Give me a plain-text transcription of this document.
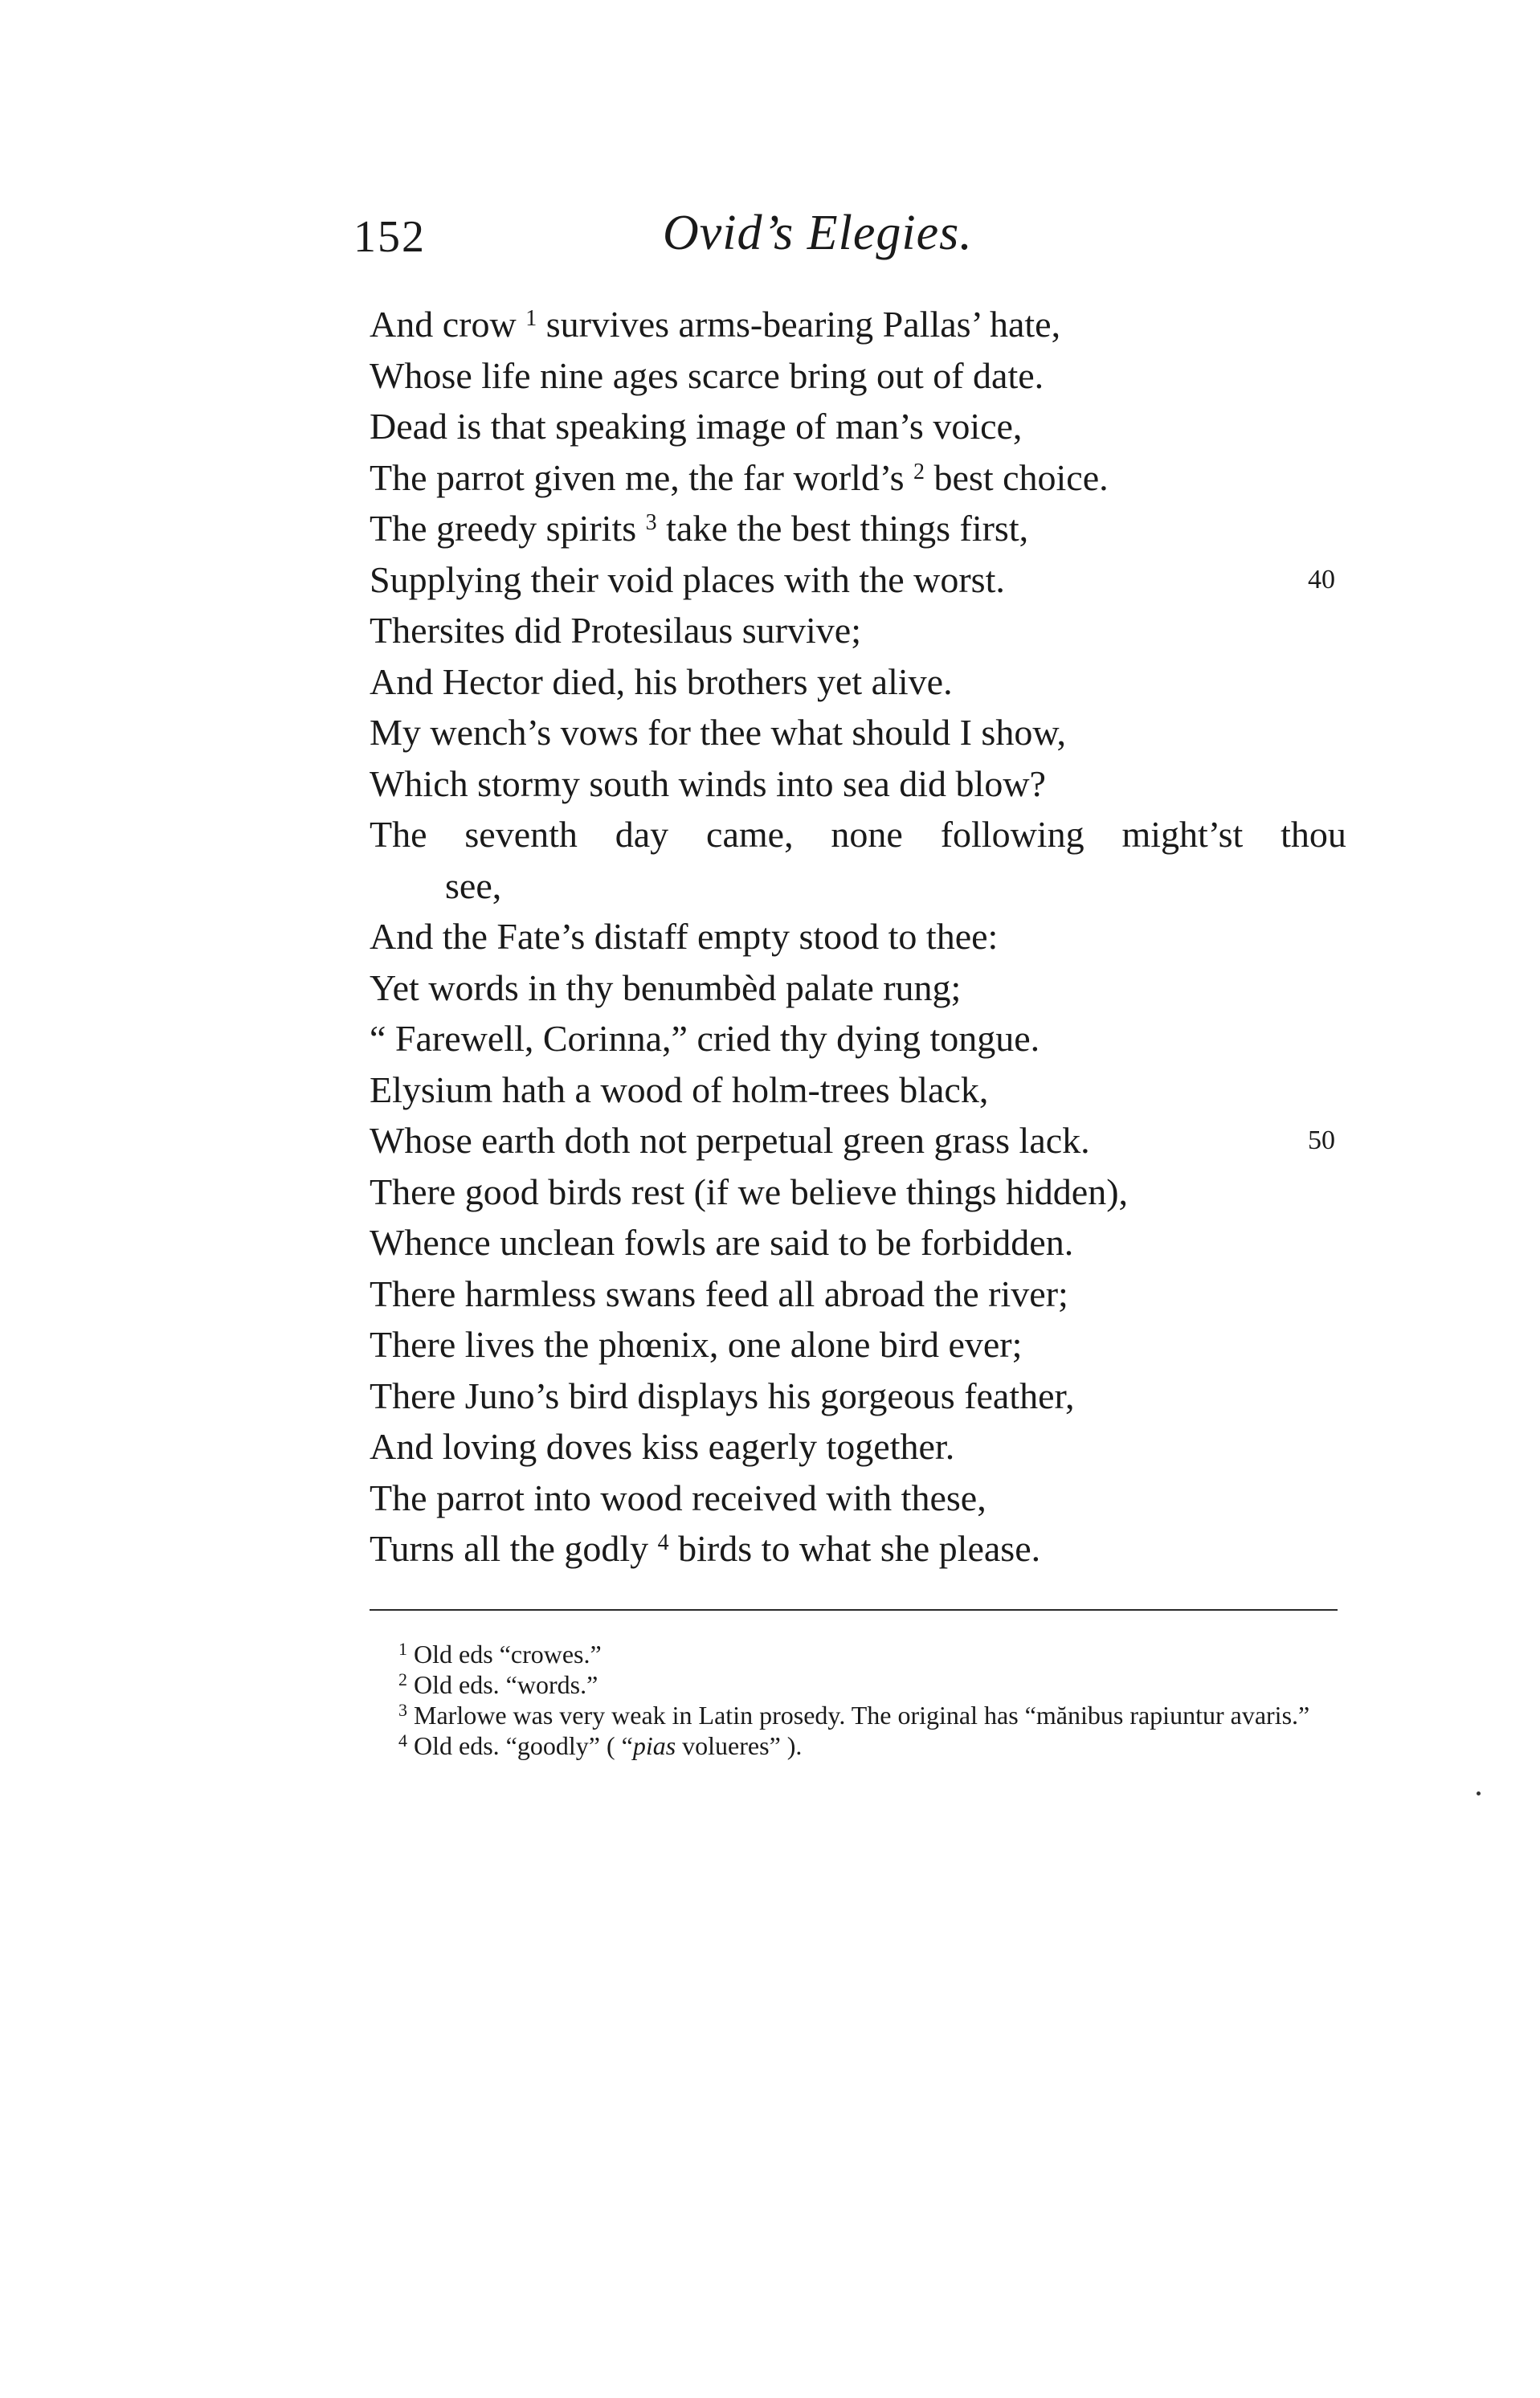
152	Ovid’s Elegies.
And crow $^1$ survives arms-bearing Pallas’ hate,
Whose life nine ages scarce bring out of date.
Dead is that speaking image of man’s voice,
The parrot given me, the far world’s $^2$ best choice.
The greedy spirits $^3$ take the best things first,
Supplying their void places with the worst.	40
Thersites did Protesilaus survive;
And Hector died, his brothers yet alive.
My wench’s vows for thee what should I show,
Which stormy south winds into sea did blow?
The seventh day came, none following might’st thou
see,
And the Fate’s distaff empty stood to thee:
Yet words in thy benumbèd palate rung;
“ Farewell, Corinna,” cried thy dying tongue.
Elysium hath a wood of holm-trees black,
Whose earth doth not perpetual green grass lack.	50
There good birds rest (if we believe things hidden),
Whence unclean fowls are said to be forbidden.
There harmless swans feed all abroad the river;
There lives the phœnix, one alone bird ever;
There Juno’s bird displays his gorgeous feather,
And loving doves kiss eagerly together.
The parrot into wood received with these,
Turns all the godly $^4$ birds to what she please.
$^1$ Old eds “crowes.”
$^2$ Old eds. “words.”
$^3$ Marlowe was very weak in Latin prosedy. The original has “mănibus rapiuntur avaris.”
$^4$ Old eds. “goodly” ( “pias volueres” ).
